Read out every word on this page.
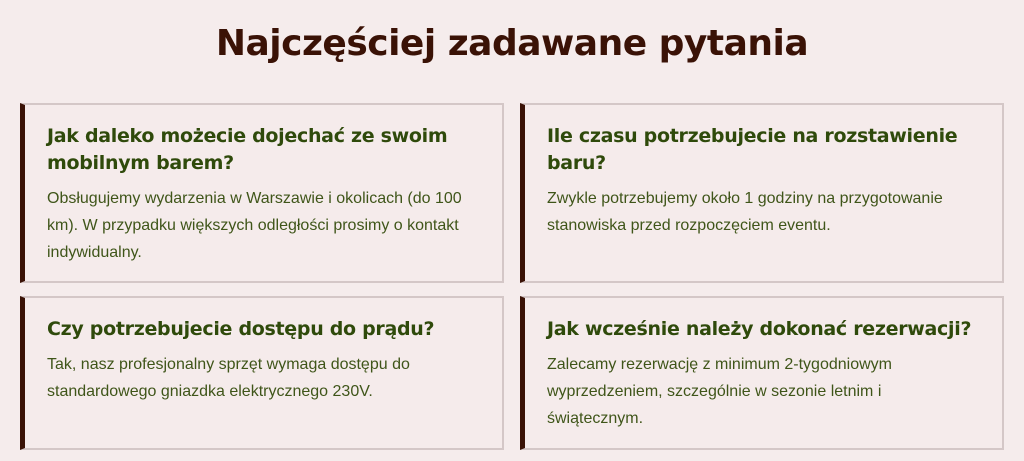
Najczęściej zadawane pytania
Jak daleko możecie dojechać ze swoim mobilnym barem?

Obsługujemy wydarzenia w Warszawie i okolicach (do 100 km). W przypadku większych odległości prosimy o kontakt indywidualny.

Ile czasu potrzebujecie na rozstawienie baru?

Zwykle potrzebujemy około 1 godziny na przygotowanie stanowiska przed rozpoczęciem eventu.

Czy potrzebujecie dostępu do prądu?

Tak, nasz profesjonalny sprzęt wymaga dostępu do standardowego gniazdka elektrycznego 230V.

Jak wcześnie należy dokonać rezerwacji?

Zalecamy rezerwację z minimum 2-tygodniowym wyprzedzeniem, szczególnie w sezonie letnim i świątecznym.
